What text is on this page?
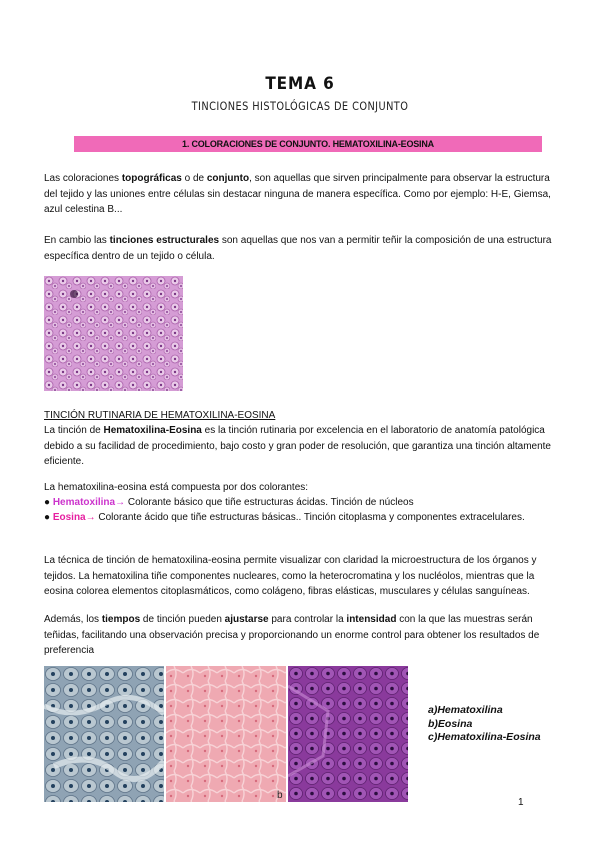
TEMA 6
TINCIONES HISTOLÓGICAS DE CONJUNTO
1. COLORACIONES DE CONJUNTO. HEMATOXILINA-EOSINA
Las coloraciones topográficas o de conjunto, son aquellas que sirven principalmente para observar la estructura del tejido y las uniones entre células sin destacar ninguna de manera específica. Como por ejemplo: H-E, Giemsa, azul celestina B...
En cambio las tinciones estructurales son aquellas que nos van a permitir teñir la composición de una estructura específica dentro de un tejido o célula.
TINCIÓN RUTINARIA DE HEMATOXILINA-EOSINA
La tinción de Hematoxilina-Eosina es la tinción rutinaria por excelencia en el laboratorio de anatomía patológica debido a su facilidad de procedimiento, bajo costo y gran poder de resolución, que garantiza una tinción altamente eficiente.
La hematoxilina-eosina está compuesta por dos colorantes:
● Hematoxilina→ Colorante básico que tiñe estructuras ácidas. Tinción de núcleos
● Eosina→ Colorante ácido que tiñe estructuras básicas.. Tinción citoplasma y componentes extracelulares.
La técnica de tinción de hematoxilina-eosina permite visualizar con claridad la microestructura de los órganos y tejidos. La hematoxilina tiñe componentes nucleares, como la heterocromatina y los nucléolos, mientras que la eosina colorea elementos citoplasmáticos, como colágeno, fibras elásticas, musculares y células sanguíneas.
Además, los tiempos de tinción pueden ajustarse para controlar la intensidad con la que las muestras serán teñidas, facilitando una observación precisa y proporcionando un enorme control para obtener los resultados de preferencia
b
a)Hematoxilina
b)Eosina
c)Hematoxilina-Eosina
1
